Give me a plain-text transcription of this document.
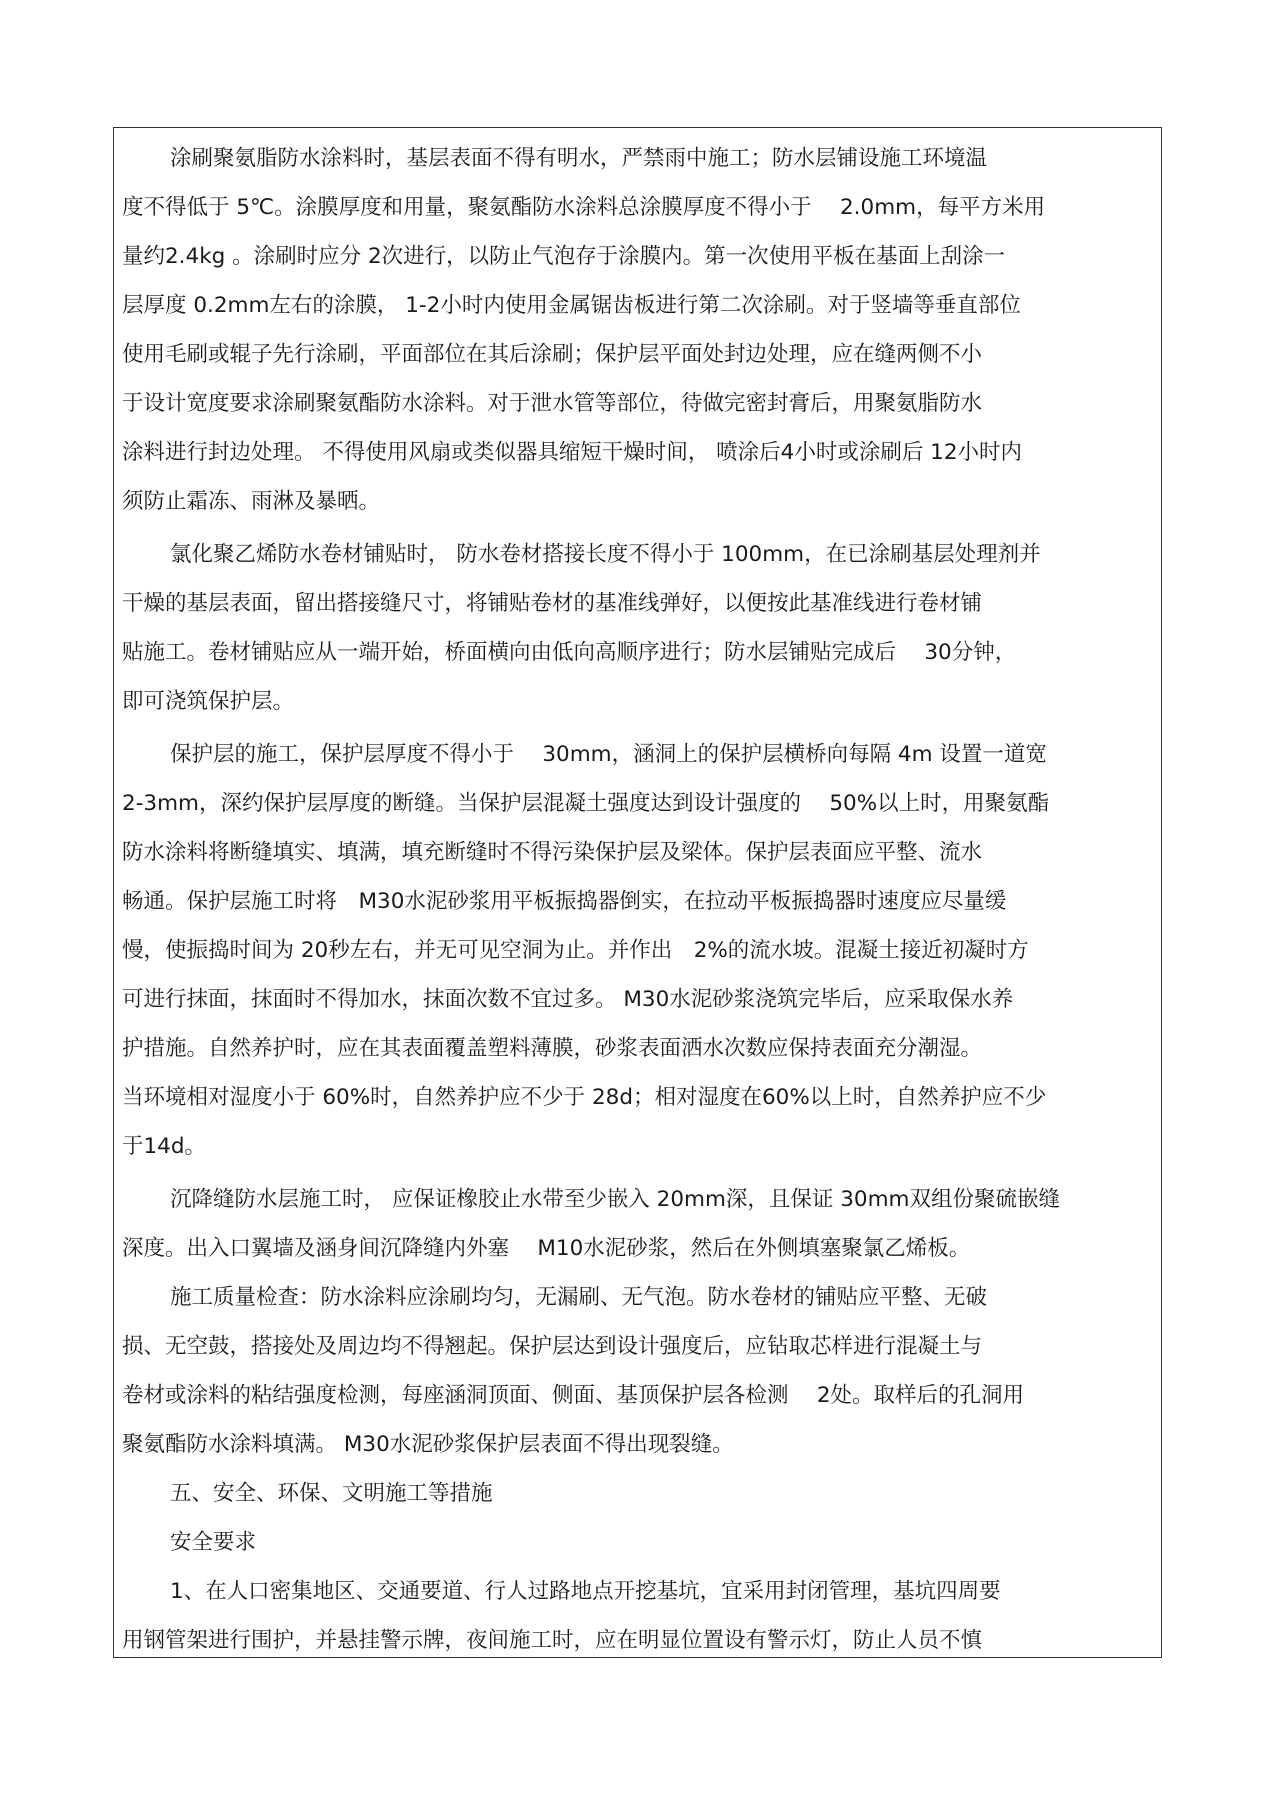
涂刷聚氨脂防水涂料时，基层表面不得有明水，严禁雨中施工；防水层铺设施工环境温
度不得低于 5℃。涂膜厚度和用量，聚氨酯防水涂料总涂膜厚度不得小于　 2.0mm，每平方米用
量约2.4kg 。涂刷时应分 2次进行，以防止气泡存于涂膜内。第一次使用平板在基面上刮涂一
层厚度 0.2mm左右的涂膜， 1-2小时内使用金属锯齿板进行第二次涂刷。对于竖墙等垂直部位
使用毛刷或辊子先行涂刷，平面部位在其后涂刷；保护层平面处封边处理，应在缝两侧不小
于设计宽度要求涂刷聚氨酯防水涂料。对于泄水管等部位，待做完密封膏后，用聚氨脂防水
涂料进行封边处理。 不得使用风扇或类似器具缩短干燥时间， 喷涂后4小时或涂刷后 12小时内
须防止霜冻、雨淋及暴晒。
氯化聚乙烯防水卷材铺贴时， 防水卷材搭接长度不得小于 100mm，在已涂刷基层处理剂并
干燥的基层表面，留出搭接缝尺寸，将铺贴卷材的基准线弹好，以便按此基准线进行卷材铺
贴施工。卷材铺贴应从一端开始，桥面横向由低向高顺序进行；防水层铺贴完成后　 30分钟，
即可浇筑保护层。
保护层的施工，保护层厚度不得小于　 30mm，涵洞上的保护层横桥向每隔 4m 设置一道宽
2-3mm，深约保护层厚度的断缝。当保护层混凝土强度达到设计强度的　 50%以上时，用聚氨酯
防水涂料将断缝填实、填满，填充断缝时不得污染保护层及梁体。保护层表面应平整、流水
畅通。保护层施工时将　M30水泥砂浆用平板振捣器倒实，在拉动平板振捣器时速度应尽量缓
慢，使振捣时间为 20秒左右，并无可见空洞为止。并作出　2%的流水坡。混凝土接近初凝时方
可进行抹面，抹面时不得加水，抹面次数不宜过多。 M30水泥砂浆浇筑完毕后，应采取保水养
护措施。自然养护时，应在其表面覆盖塑料薄膜，砂浆表面洒水次数应保持表面充分潮湿。
当环境相对湿度小于 60%时，自然养护应不少于 28d；相对湿度在60%以上时，自然养护应不少
于14d。
沉降缝防水层施工时， 应保证橡胶止水带至少嵌入 20mm深，且保证 30mm双组份聚硫嵌缝
深度。出入口翼墙及涵身间沉降缝内外塞　 M10水泥砂浆，然后在外侧填塞聚氯乙烯板。
施工质量检查：防水涂料应涂刷均匀，无漏刷、无气泡。防水卷材的铺贴应平整、无破
损、无空鼓，搭接处及周边均不得翘起。保护层达到设计强度后，应钻取芯样进行混凝土与
卷材或涂料的粘结强度检测，每座涵洞顶面、侧面、基顶保护层各检测　 2处。取样后的孔洞用
聚氨酯防水涂料填满。 M30水泥砂浆保护层表面不得出现裂缝。
五、安全、环保、文明施工等措施
安全要求
1、在人口密集地区、交通要道、行人过路地点开挖基坑，宜采用封闭管理，基坑四周要
用钢管架进行围护，并悬挂警示牌，夜间施工时，应在明显位置设有警示灯，防止人员不慎
